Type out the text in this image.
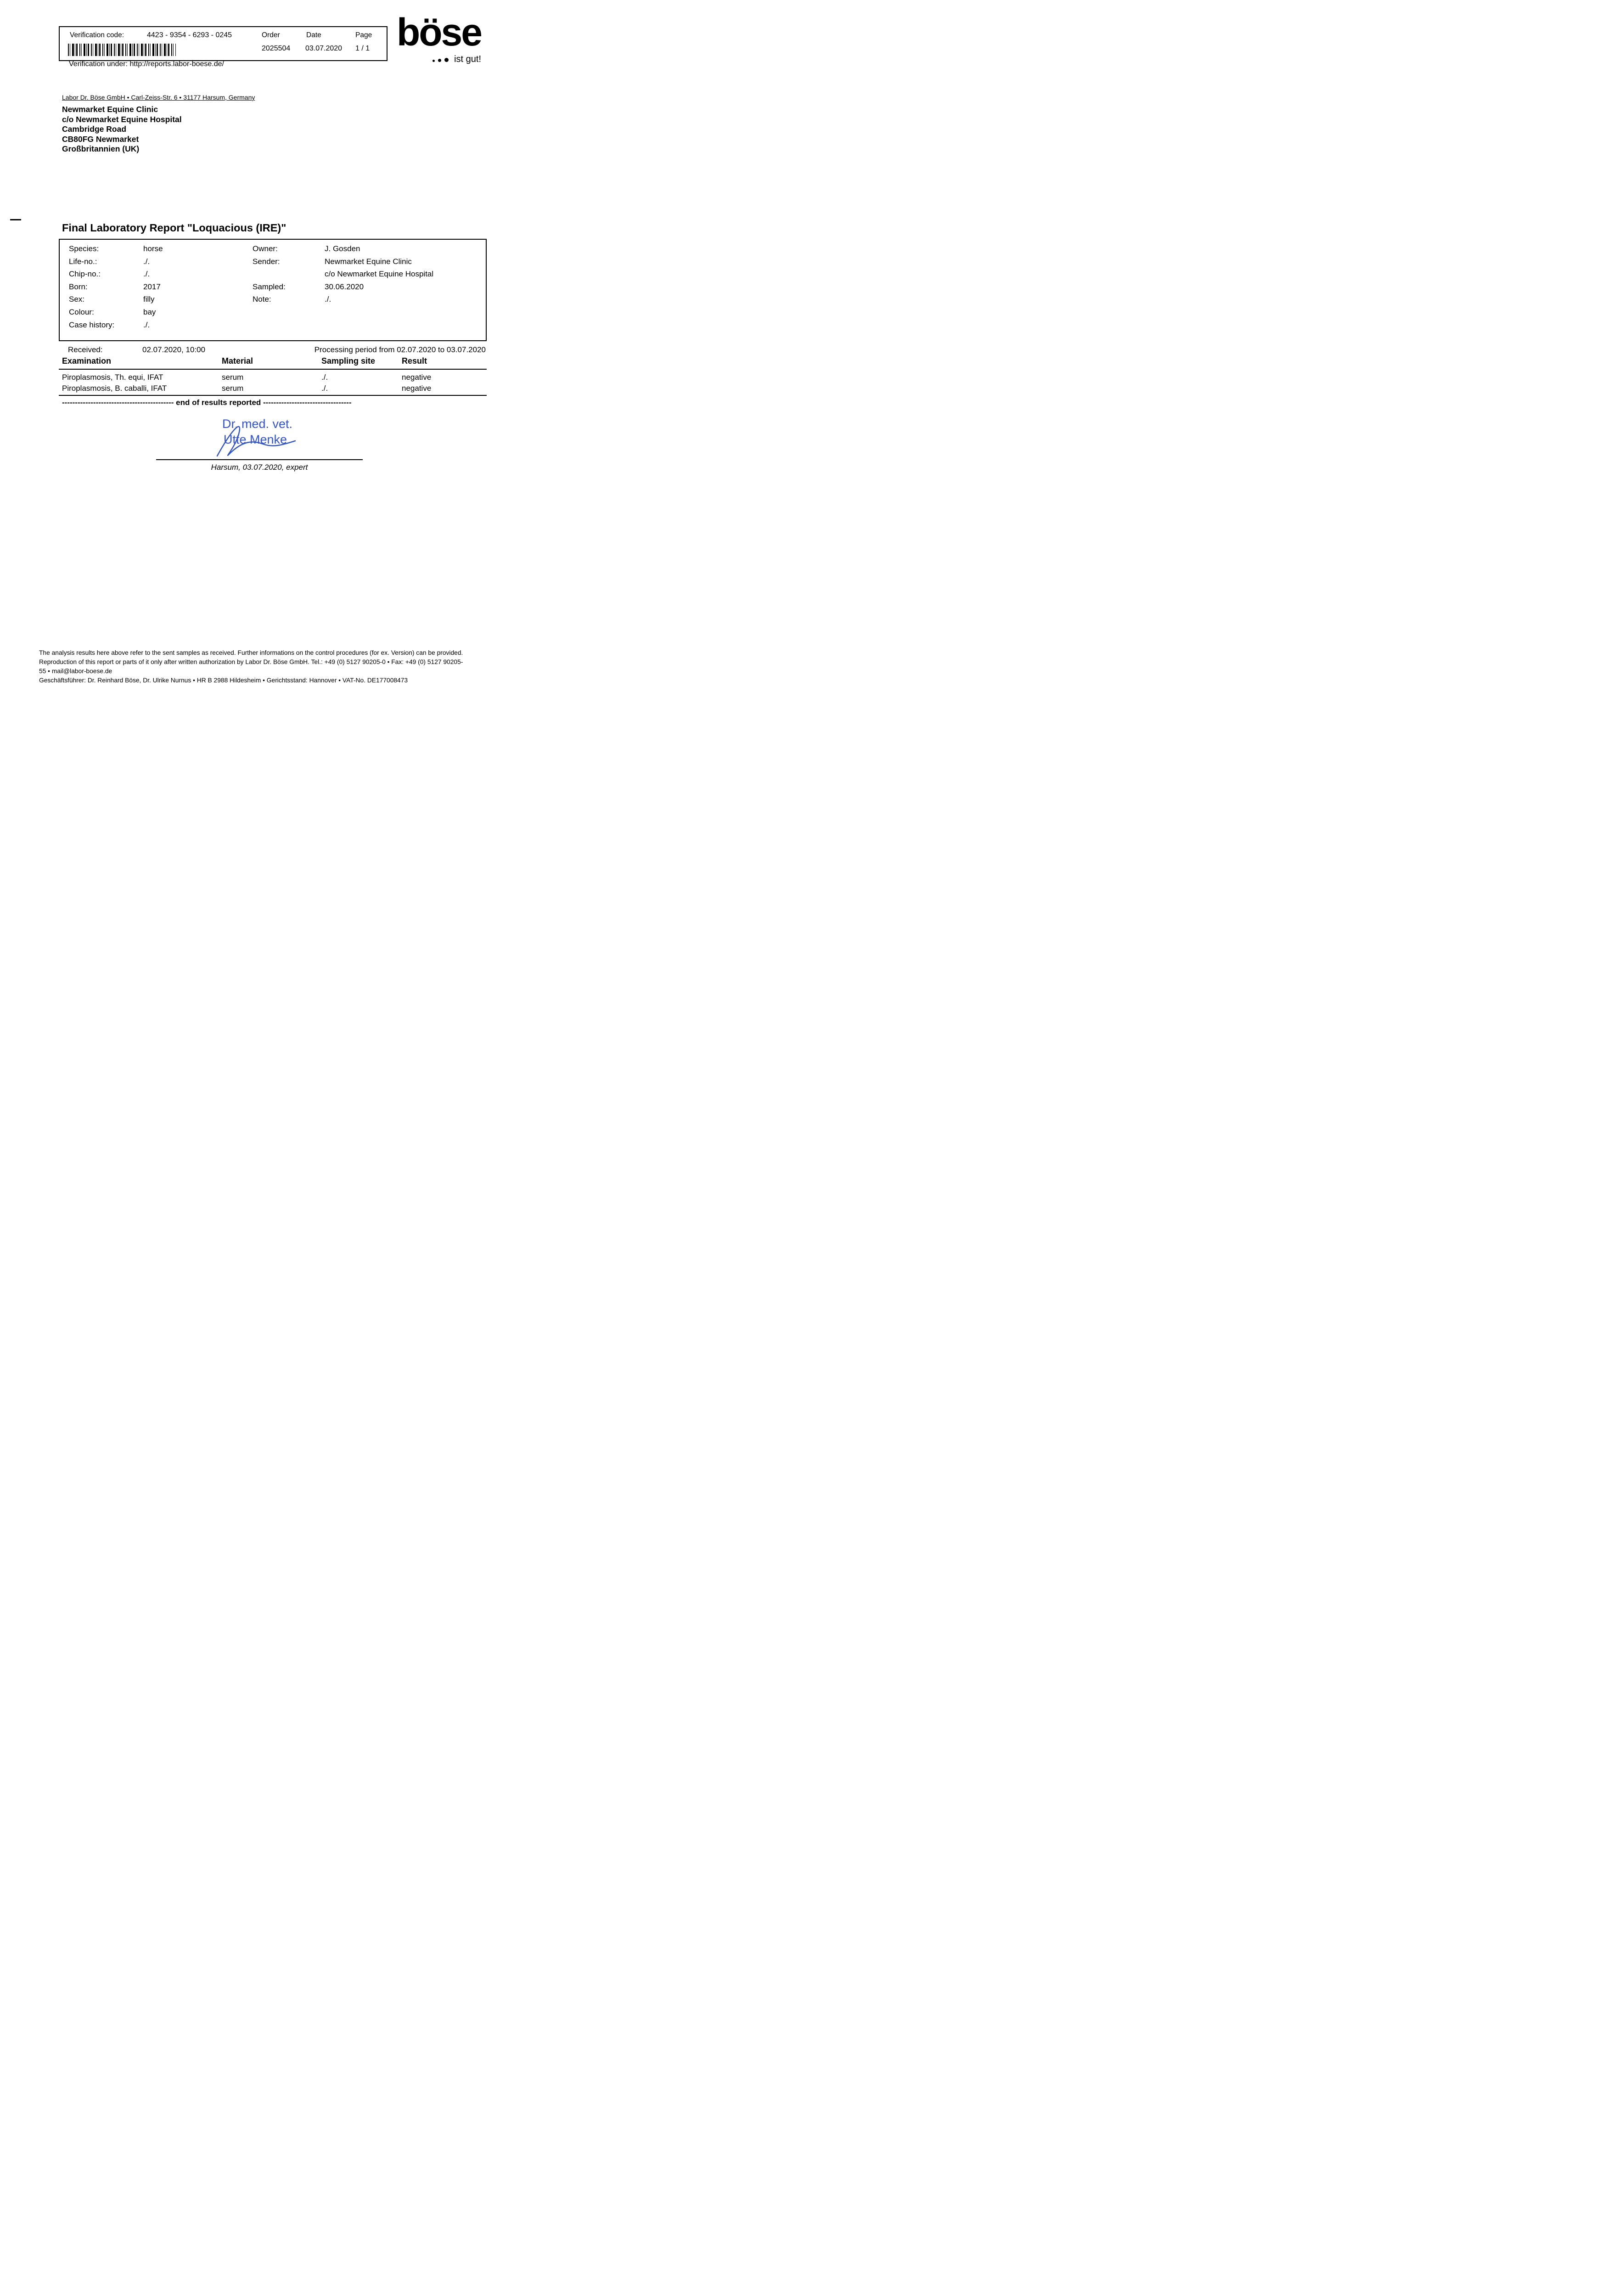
Verification code:	4423 - 9354 - 6293 - 0245	Order	Date	Page
2025504 03.07.2020 1 / 1
Verification under: http://reports.labor-boese.de/
böse
ist gut!
Labor Dr. Böse GmbH • Carl-Zeiss-Str. 6 • 31177 Harsum, Germany
Newmarket Equine Clinic
c/o Newmarket Equine Hospital
Cambridge Road
CB80FG Newmarket
Großbritannien (UK)
Final Laboratory Report "Loquacious (IRE)"
Species:	horse	Owner:	J. Gosden
Life-no.:	./.	Sender:	Newmarket Equine Clinic
Chip-no.:	./.	c/o Newmarket Equine Hospital
Born:	2017	Sampled:	30.06.2020
Sex:	filly	Note:	./.
Colour:	bay
Case history:	./.
Received:	02.07.2020, 10:00	Processing period from 02.07.2020 to 03.07.2020
Examination	Material	Sampling site	Result
Piroplasmosis, Th. equi, IFAT	serum	./.	negative
Piroplasmosis, B. caballi, IFAT	serum	./.	negative
------------------------------------------- end of results reported ----------------------------------
Dr. med. vet.
Utte Menke
Harsum, 03.07.2020, expert
The analysis results here above refer to the sent samples as received. Further informations on the control procedures (for ex. Version) can be provided.
Reproduction of this report or parts of it only after written authorization by Labor Dr. Böse GmbH. Tel.: +49 (0) 5127 90205-0 • Fax: +49 (0) 5127 90205-
55 • mail@labor-boese.de
Geschäftsführer: Dr. Reinhard Böse, Dr. Ulrike Nurnus • HR B 2988 Hildesheim • Gerichtsstand: Hannover • VAT-No. DE177008473
